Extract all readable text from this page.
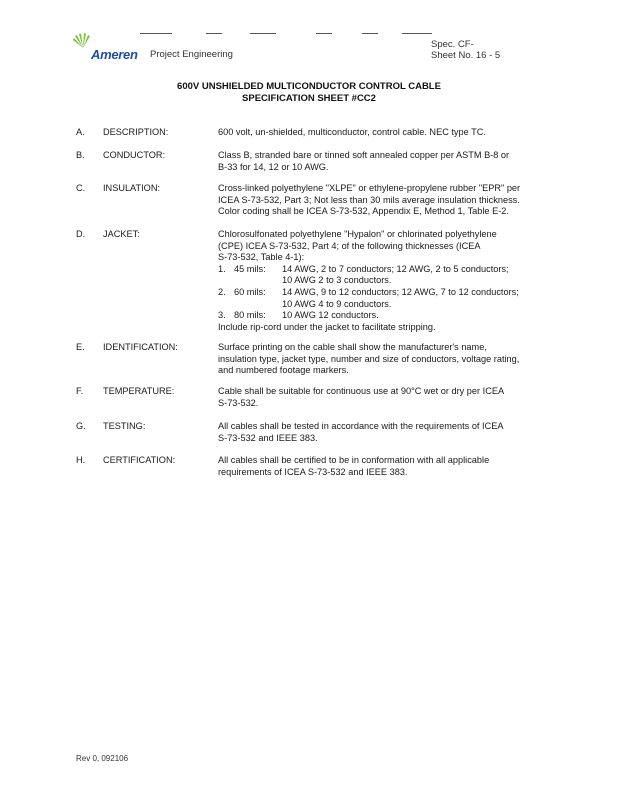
Ameren Project Engineering
Spec. CF-
Sheet No. 16 - 5
600V UNSHIELDED MULTICONDUCTOR CONTROL CABLE
SPECIFICATION SHEET #CC2
A. DESCRIPTION:	600 volt, un-shielded, multiconductor, control cable. NEC type TC.
B. CONDUCTOR:	Class B, stranded bare or tinned soft annealed copper per ASTM B-8 or
B-33 for 14, 12 or 10 AWG.
C. INSULATION:	Cross-linked polyethylene "XLPE" or ethylene-propylene rubber "EPR" per
ICEA S-73-532, Part 3; Not less than 30 mils average insulation thickness.
Color coding shall be ICEA S-73-532, Appendix E, Method 1, Table E-2.
D. JACKET:	Chlorosulfonated polyethylene "Hypalon" or chlorinated polyethylene
(CPE) ICEA S-73-532, Part 4; of the following thicknesses (ICEA
S-73-532, Table 4-1):
1. 45 mils: 14 AWG, 2 to 7 conductors; 12 AWG, 2 to 5 conductors;
10 AWG 2 to 3 conductors.
2. 60 mils: 14 AWG, 9 to 12 conductors; 12 AWG, 7 to 12 conductors;
10 AWG 4 to 9 conductors.
3. 80 mils: 10 AWG 12 conductors.
Include rip-cord under the jacket to facilitate stripping.
E. IDENTIFICATION:	Surface printing on the cable shall show the manufacturer's name,
insulation type, jacket type, number and size of conductors, voltage rating,
and numbered footage markers.
F. TEMPERATURE:	Cable shall be suitable for continuous use at 90°C wet or dry per ICEA
S-73-532.
G. TESTING:	All cables shall be tested in accordance with the requirements of ICEA
S-73-532 and IEEE 383.
H. CERTIFICATION:	All cables shall be certified to be in conformation with all applicable
requirements of ICEA S-73-532 and IEEE 383.
Rev 0, 092106
